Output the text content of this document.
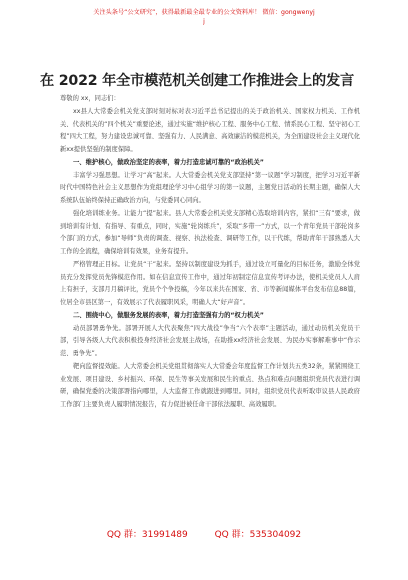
关注头条号“公文研究”，获得最新最全最专业的公文资料库！ 微信：gongwenyj
j
在 2022 年全市模范机关创建工作推进会上的发言

尊敬的 xx，同志们：

xx县人大常委会机关党支部时刻对标对表习近平总书记提出的关于政治机关、国家权力机关、工作机关、代表机关的“四个机关”重要论述，通过实施“维护核心工程、服务中心工程、情系民心工程、坚守初心工程”四大工程，努力建设忠诚可靠、坚强有力、人民满意、高效廉洁的模范机关，为全面建设社会主义现代化新xx提供坚强的制度保障。

一、维护核心，做政治坚定的表率，着力打造忠诚可靠的“政治机关”

丰富学习强思想。让学习“高”起来。人大常委会机关党支部坚持“第一议题”学习制度，把学习习近平新时代中国特色社会主义思想作为党组理论学习中心组学习的第一议题，主题党日活动的长期主题，确保人大系统队伍始终保持正确政治方向，与党委同心同向。

强化培训练业务。让能力“提”起来。县人大常委会机关党支部精心选取培训内容，紧扣“三有”要求，做到培训有计划、有指导、有重点，同时，实施“轮岗练兵”，采取“多带一”方式，以一个青年党员干部轮岗多个部门的方式，参加“导师”负责的调查、视察、执法检查、调研等工作，以干代练，帮助青年干部熟悉人大工作的全流程，确保培训有效果，业务有提升。

严格管理正目标。让党员“干”起来。坚持以制度建设为抓手，通过设立可量化的目标任务，激励全体党员充分发挥党员先锋模范作用。如在信息宣传工作中，通过年初制定信息宣传考评办法，使机关党员人人肩上有担子，支部月月稿评比，党员个个争投稿，今年以来共在国家、省、市等新闻媒体平台发布信息88篇，位居全市县区第一，有效展示了代表履职风采，明确人大“好声音”。

二、围绕中心，做服务发展的表率，着力打造坚强有力的“权力机关”

动员部署勇争先。部署开展人大代表聚焦“四大战役”争当“六个表率”主题活动，通过动员机关党员干部，引导各级人大代表积极投身经济社会发展主战场，在助推xx经济社会发展、为民办实事解难事中“作示范、勇争先”。

靶向监督提效能。人大常委会机关党组贯彻落实人大常委会年度监督工作计划共五类32条，紧紧围绕工业发展、项目建设、乡村振兴、环保、民生等事关发展和民生的重点、热点和难点问题组织党员代表进行调研，确保党委的决策部署指向哪里，人大监督工作就跟进到哪里。同时，组织党员代表听取审议县人民政府工作部门主要负责人履职情况报告，有力促进被任命干部依法履职、高效履职。

QQ 群：31991489	QQ 群：535304092
